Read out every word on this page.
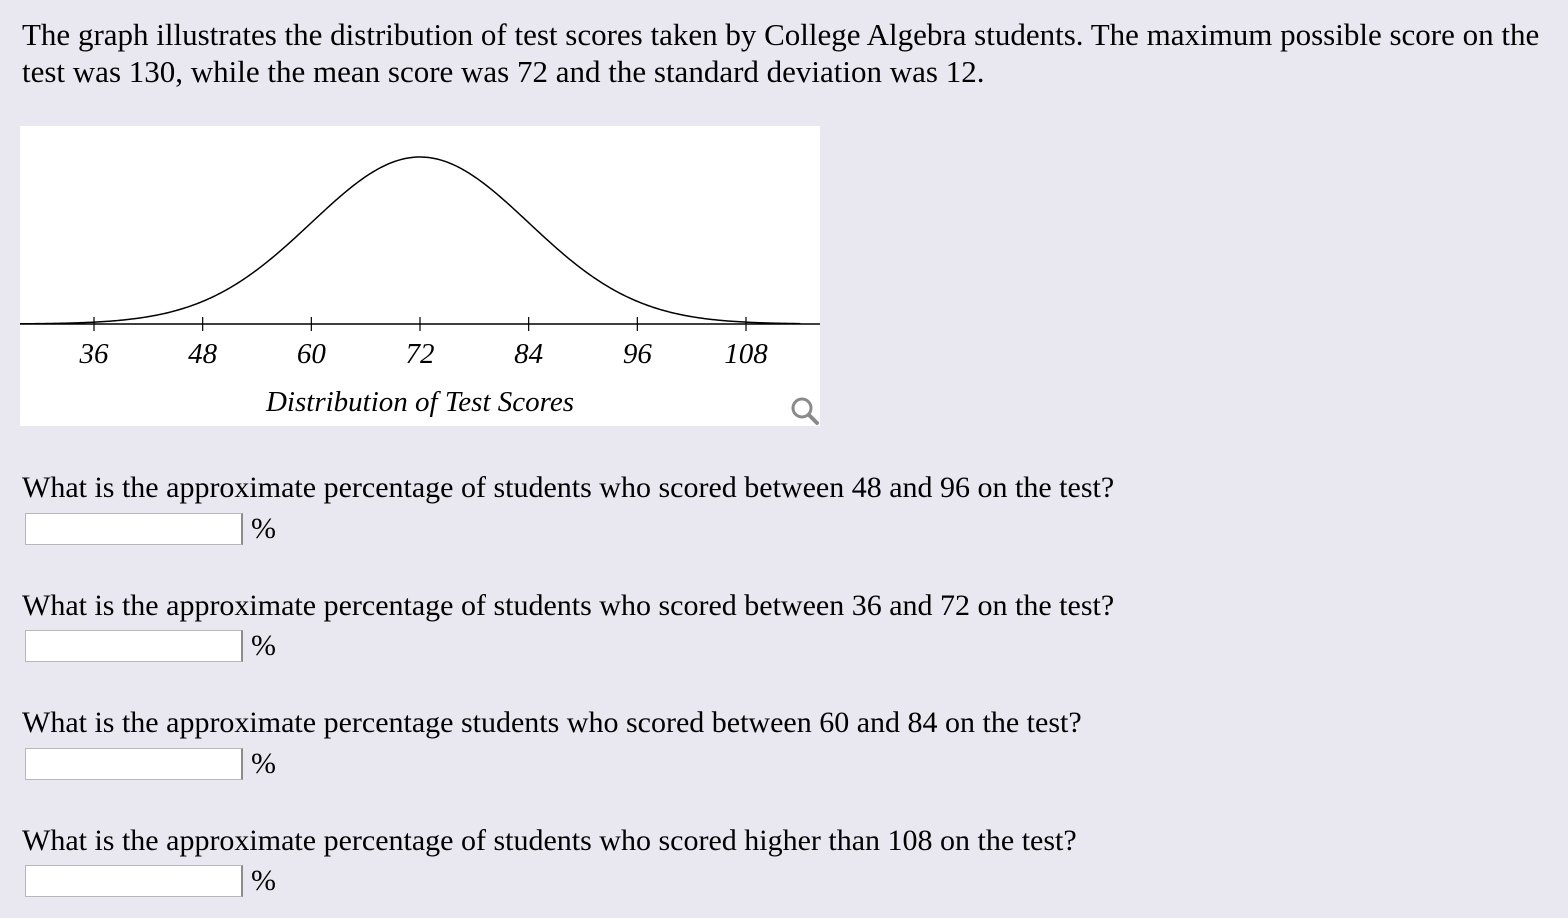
The graph illustrates the distribution of test scores taken by College Algebra students. The maximum possible score on the test was 130, while the mean score was 72 and the standard deviation was 12.

36	48	60	72	84	96 108
Distribution of Test Scores

What is the approximate percentage of students who scored between 48 and 96 on the test?

%

What is the approximate percentage of students who scored between 36 and 72 on the test?

%

What is the approximate percentage students who scored between 60 and 84 on the test?

%

What is the approximate percentage of students who scored higher than 108 on the test?

%
